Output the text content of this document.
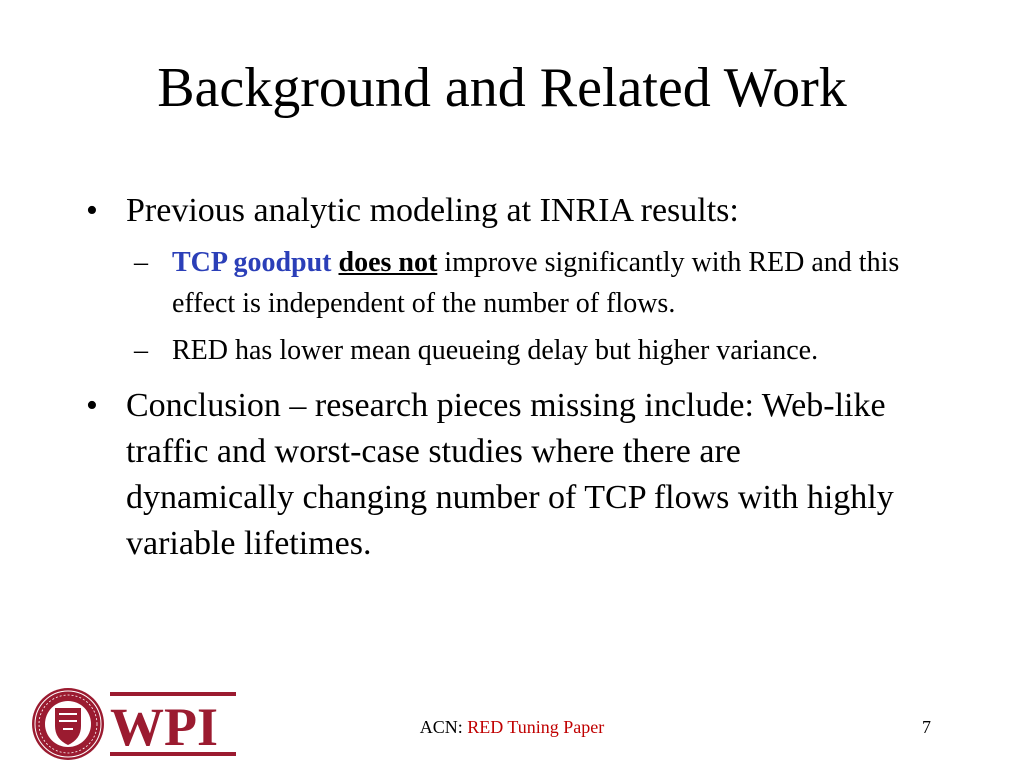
Background and Related Work

• Previous analytic modeling at INRIA results:

– TCP goodput does not improve significantly with RED and this effect is independent of the number of flows.

– RED has lower mean queueing delay but higher variance.

• Conclusion – research pieces missing include: Web-like traffic and worst-case studies where there are dynamically changing number of TCP flows with highly variable lifetimes.

WPI	ACN: RED Tuning Paper	7
